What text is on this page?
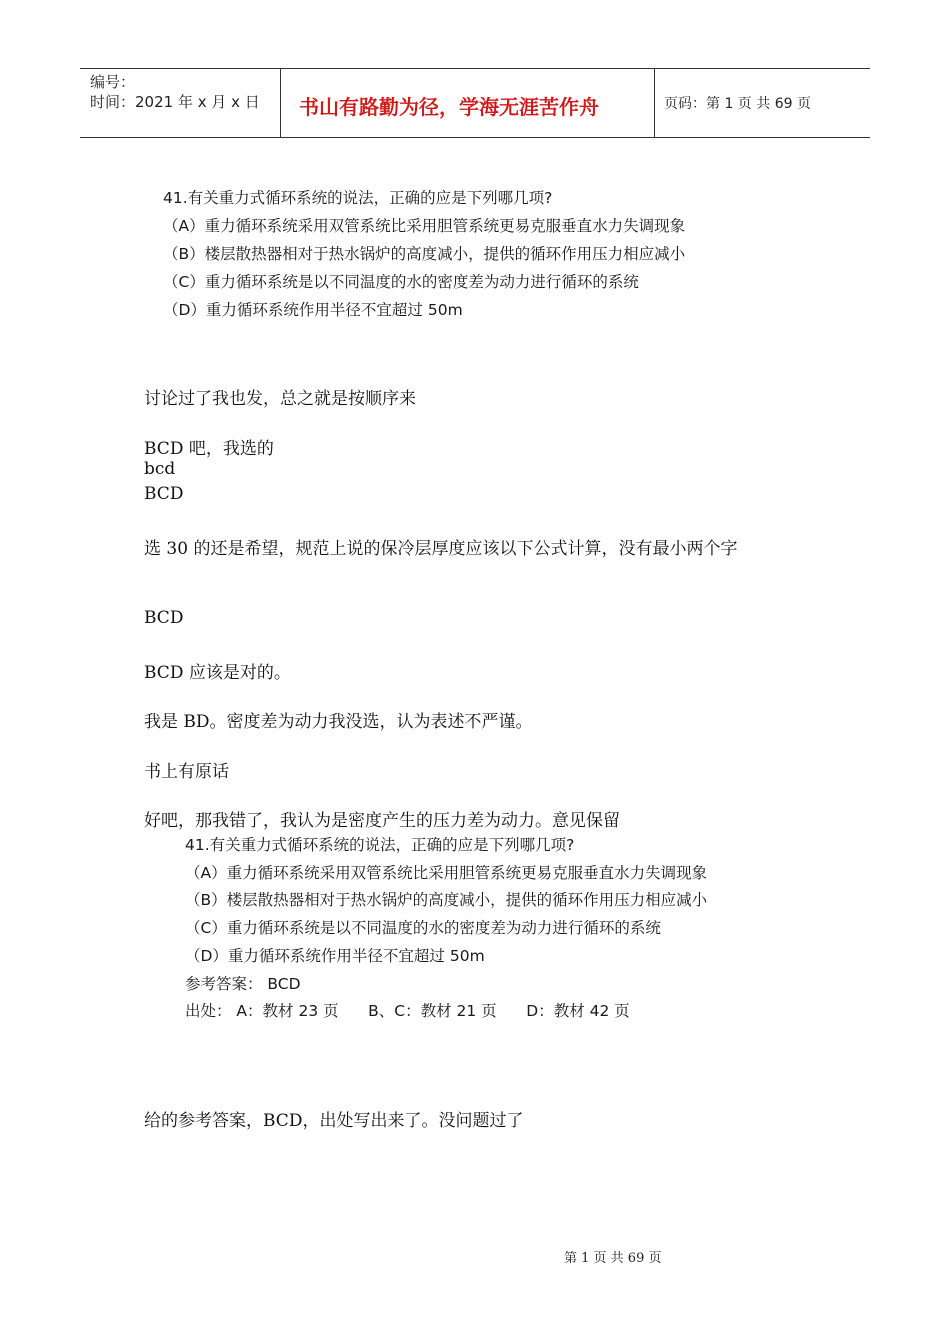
编号：
时间：2021 年 x 月 x 日 书山有路勤为径，学海无涯苦作舟	页码：第 1 页 共 69 页
41.有关重力式循环系统的说法，正确的应是下列哪几项?
（A）重力循环系统采用双管系统比采用胆管系统更易克服垂直水力失调现象
（B）楼层散热器相对于热水锅炉的高度减小，提供的循环作用压力相应减小
（C）重力循环系统是以不同温度的水的密度差为动力进行循环的系统
（D）重力循环系统作用半径不宜超过 50m
讨论过了我也发，总之就是按顺序来
BCD 吧，我选的
bcd
BCD
选 30 的还是希望，规范上说的保冷层厚度应该以下公式计算，没有最小两个字
BCD
BCD 应该是对的。
我是 BD。密度差为动力我没选，认为表述不严谨。
书上有原话
好吧，那我错了，我认为是密度产生的压力差为动力。意见保留
41.有关重力式循环系统的说法，正确的应是下列哪几项?
（A）重力循环系统采用双管系统比采用胆管系统更易克服垂直水力失调现象
（B）楼层散热器相对于热水锅炉的高度减小，提供的循环作用压力相应减小
（C）重力循环系统是以不同温度的水的密度差为动力进行循环的系统
（D）重力循环系统作用半径不宜超过 50m
参考答案： BCD
出处： A：教材 23 页      B、C：教材 21 页      D：教材 42 页
给的参考答案，BCD，出处写出来了。没问题过了
第 1 页 共 69 页
